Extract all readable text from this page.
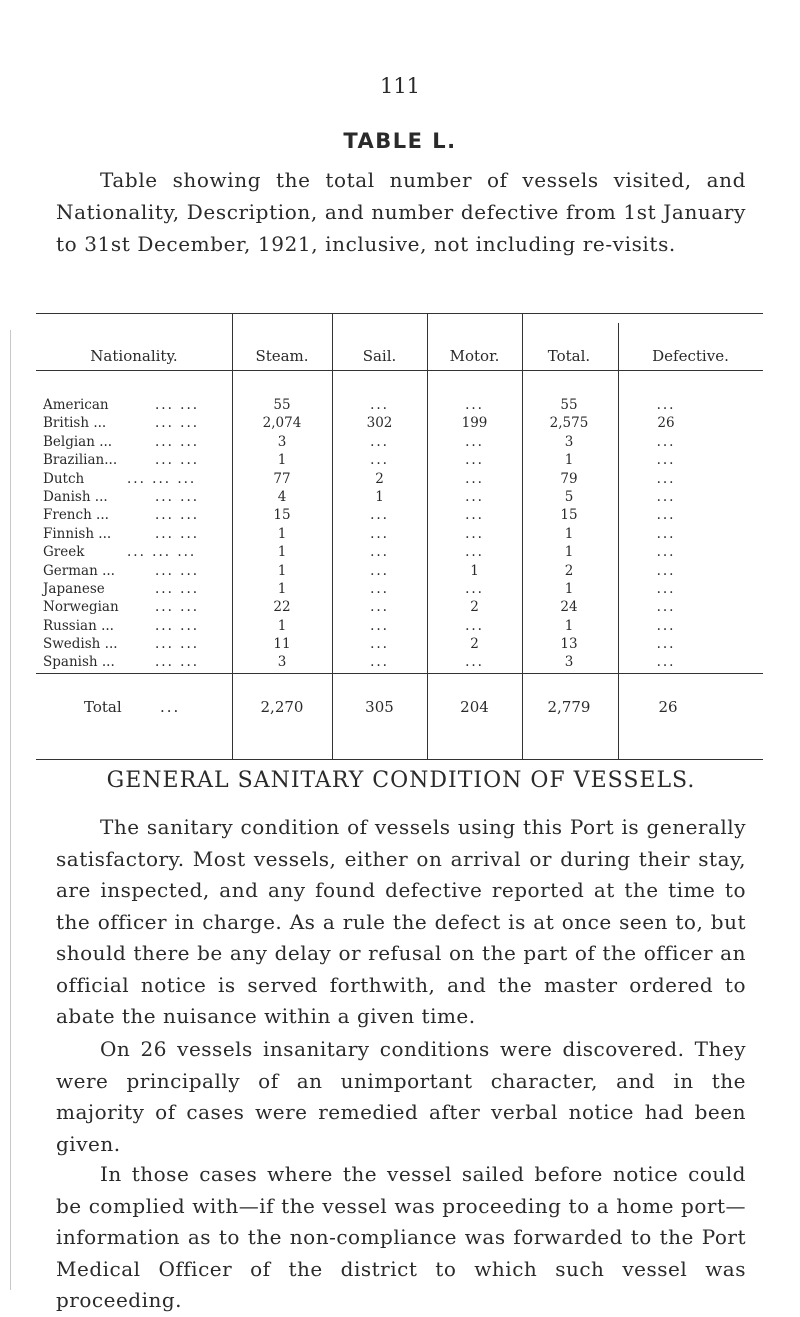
111
TABLE L.

Table showing the total number of vessels visited, and Nationality, Description, and number defective from 1st January to 31st December, 1921, inclusive, not including re-visits.

Nationality.	Steam.	Sail.	Motor.	Total.	Defective.
American	... ...	55	...	...	55	...
British ...	... ...	2,074	302	199	2,575	26
Belgian ...	... ...	3	...	...	3	...
Brazilian...	... ...	1	...	...	1	...
Dutch	... ... ...	77	2	...	79	...
Danish ...	... ...	4	1	...	5	...
French ...	... ...	15	...	...	15	...
Finnish ...	... ...	1	...	...	1	...
Greek	... ... ...	1	...	...	1	...
German ...	... ...	1	...	1	2	...
Japanese	... ...	1	...	...	1	...
Norwegian	... ...	22	...	2	24	...
Russian ...	... ...	1	...	...	1	...
Swedish ...	... ...	11	...	2	13	...
Spanish ...	... ...	3	...	...	3	...
Total	...	2,270	305	204	2,779	26
GENERAL SANITARY CONDITION OF VESSELS.

The sanitary condition of vessels using this Port is generally satisfactory. Most vessels, either on arrival or during their stay, are inspected, and any found defective reported at the time to the officer in charge. As a rule the defect is at once seen to, but should there be any delay or refusal on the part of the officer an official notice is served forthwith, and the master ordered to abate the nuisance within a given time.

On 26 vessels insanitary conditions were discovered. They were principally of an unimportant character, and in the majority of cases were remedied after verbal notice had been given.

In those cases where the vessel sailed before notice could be complied with—if the vessel was proceeding to a home port—information as to the non-compliance was forwarded to the Port Medical Officer of the district to which such vessel was proceeding.
